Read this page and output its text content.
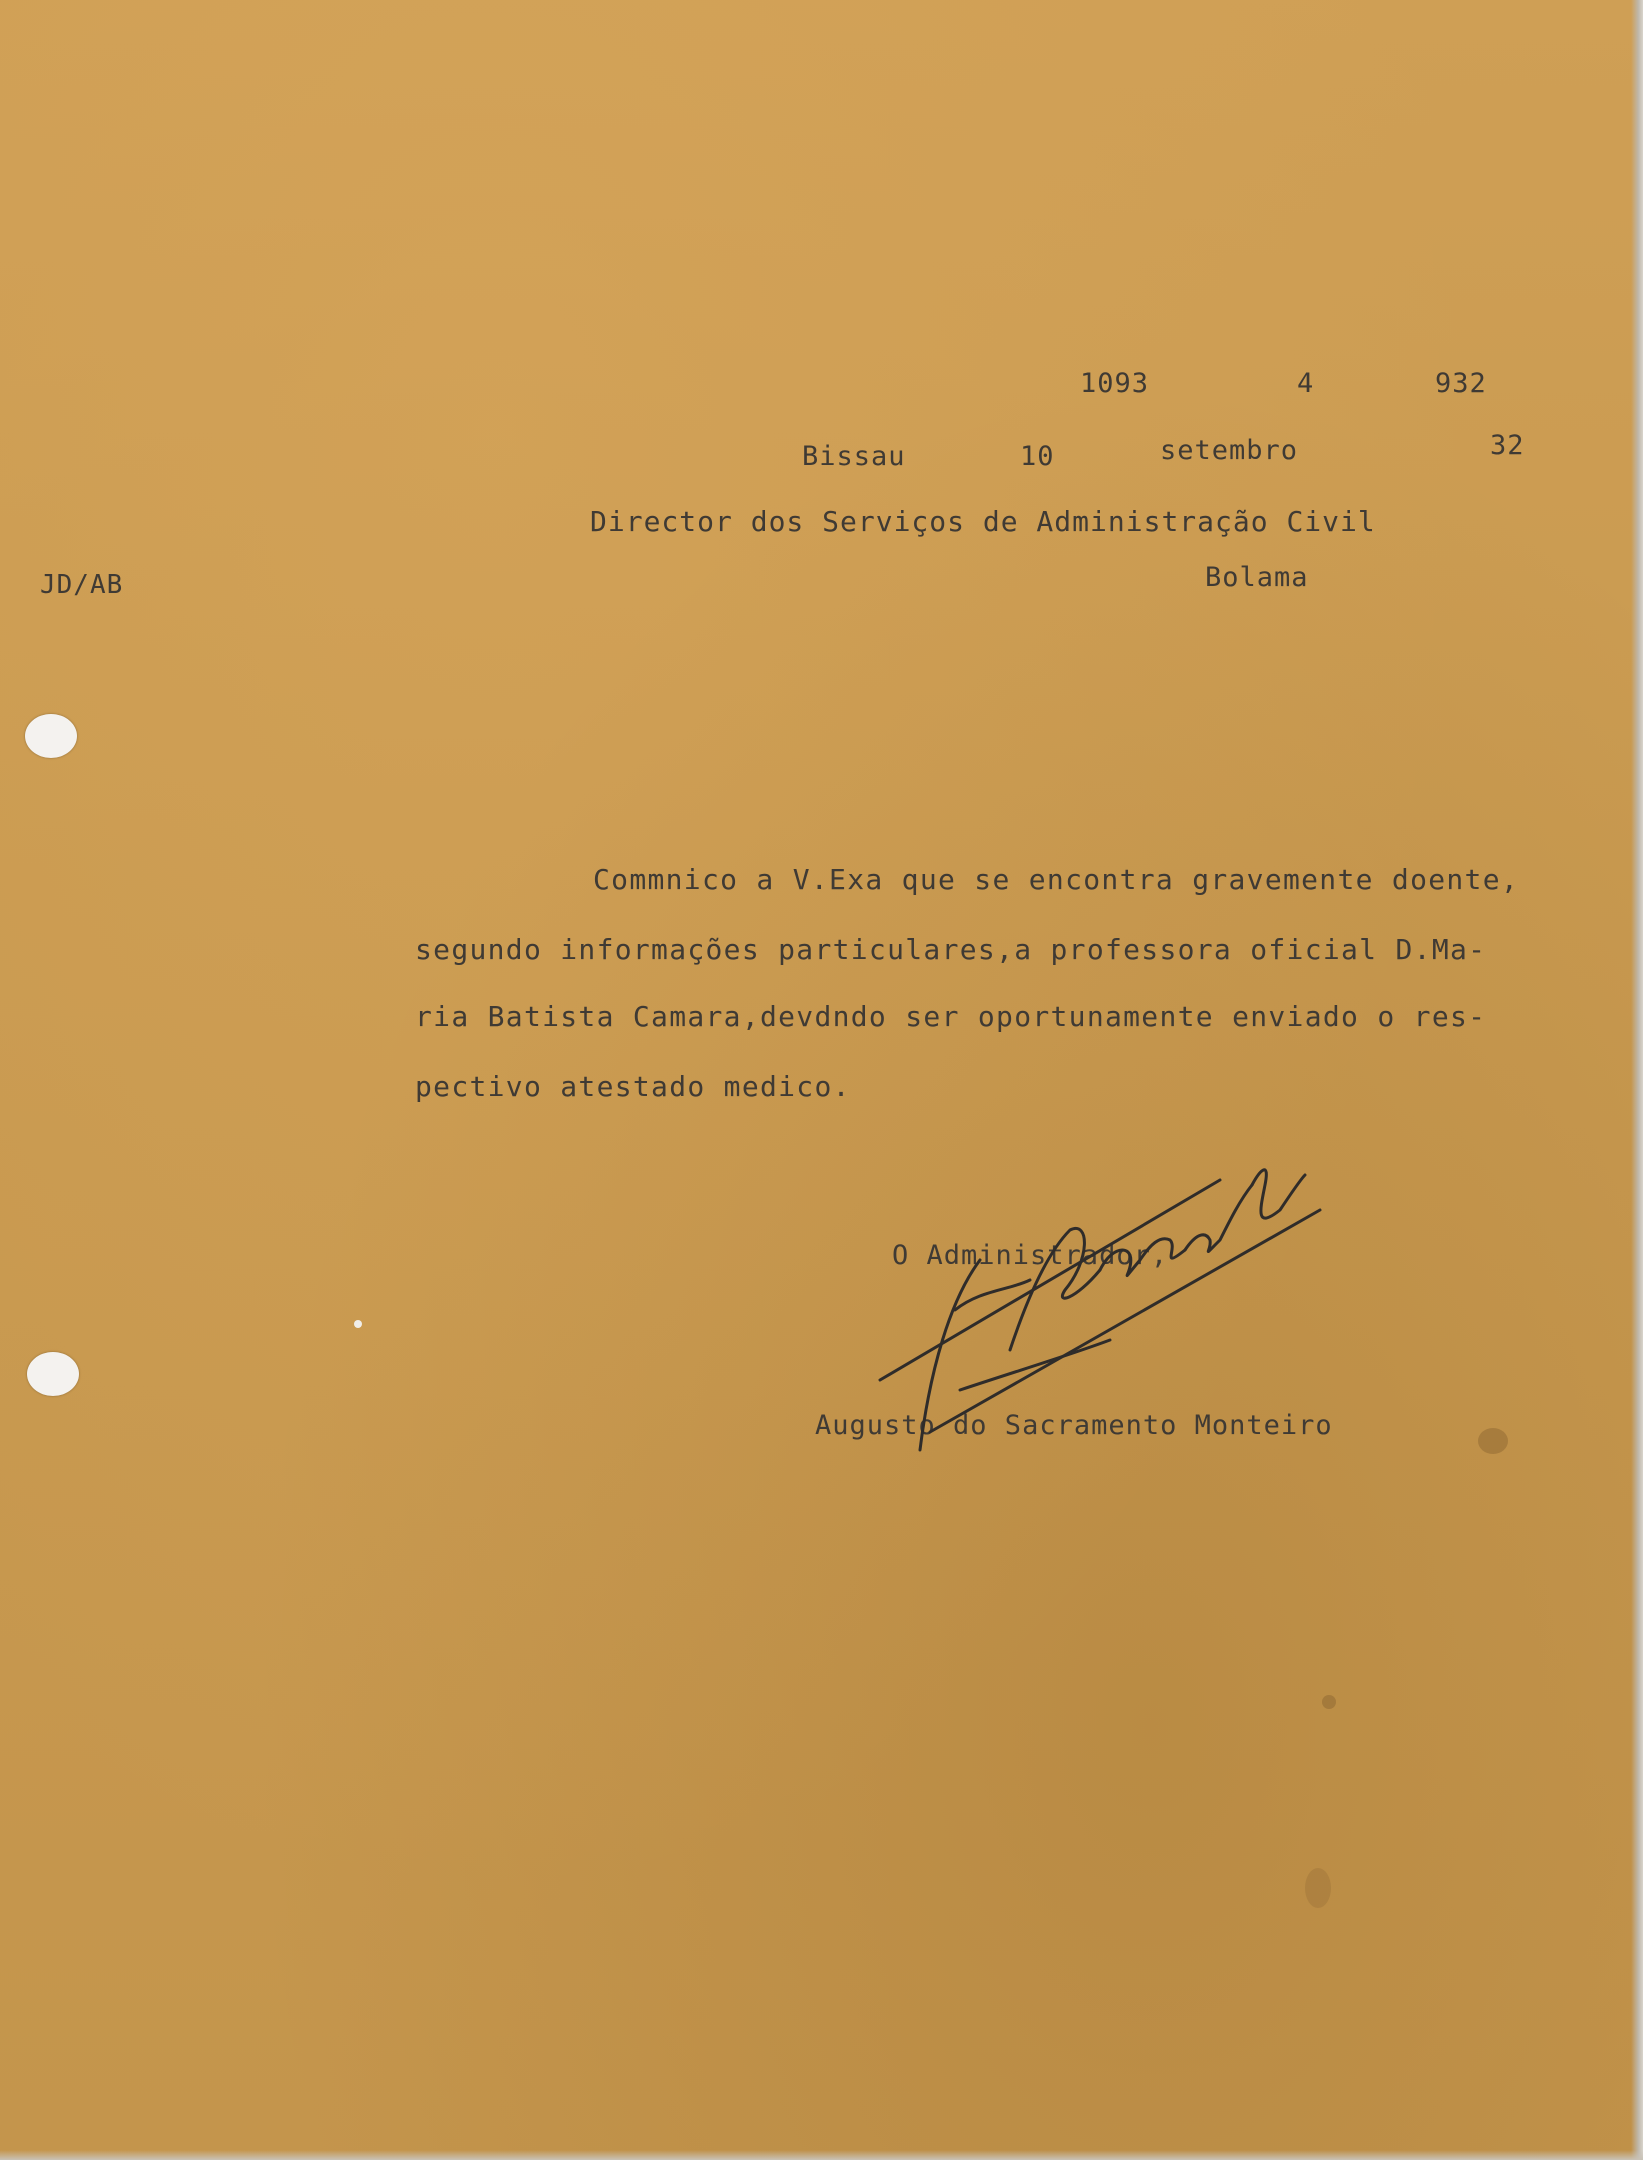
1093	4	932
Bissau	10	setembro	32
Director dos Serviços de Administração Civil
Bolama
JD/AB
Commnico a V.Exa que se encontra gravemente doente,
segundo informações particulares,a professora oficial D.Ma-
ria Batista Camara,devdndo ser oportunamente enviado o res-
pectivo atestado medico.
O Administrador,
Augusto do Sacramento Monteiro
